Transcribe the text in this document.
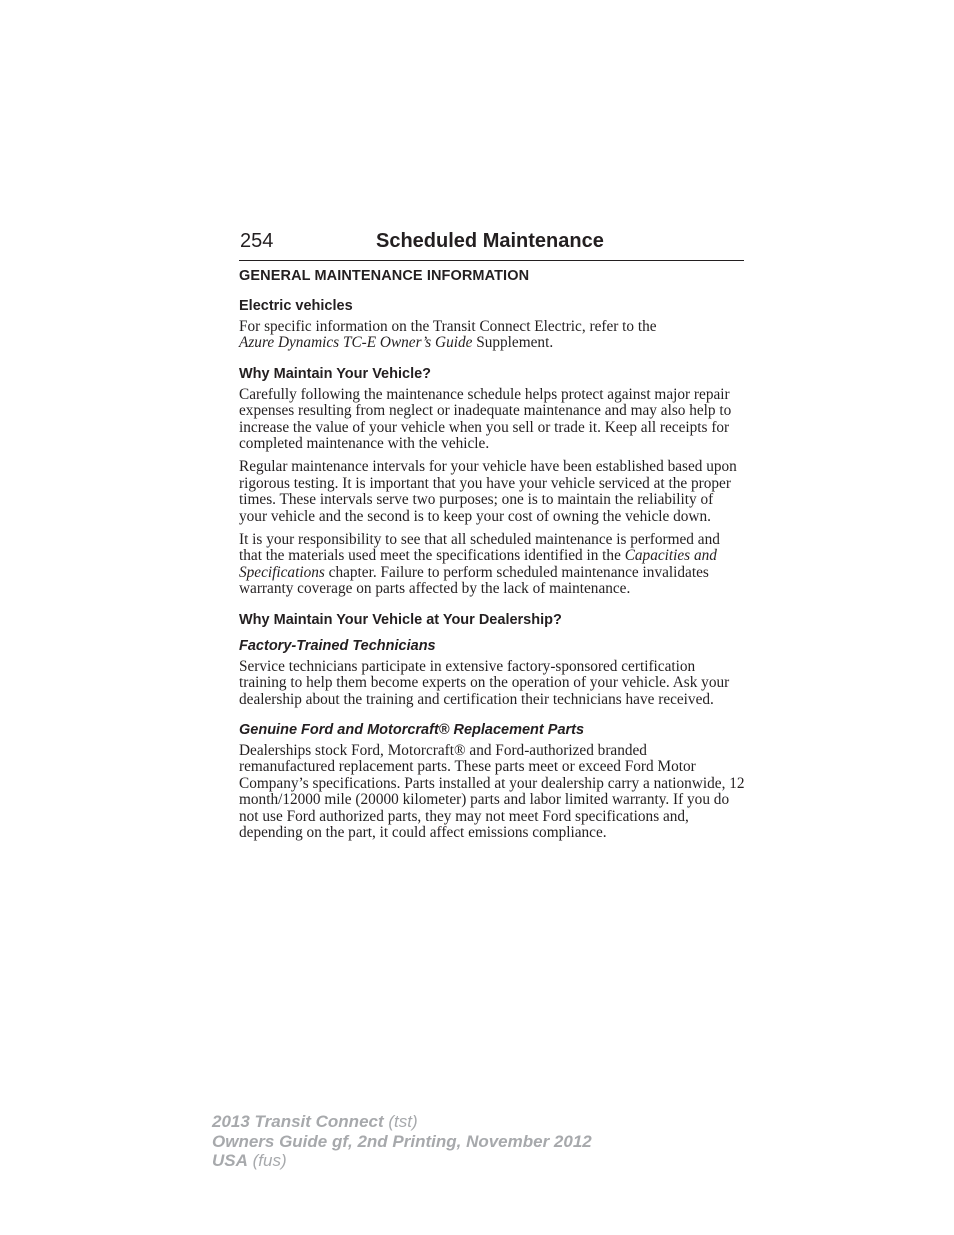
254	Scheduled Maintenance
GENERAL MAINTENANCE INFORMATION
Electric vehicles

For specific information on the Transit Connect Electric, refer to the
Azure Dynamics TC-E Owner’s Guide Supplement.

Why Maintain Your Vehicle?

Carefully following the maintenance schedule helps protect against major repair expenses resulting from neglect or inadequate maintenance and may also help to increase the value of your vehicle when you sell or trade it. Keep all receipts for completed maintenance with the vehicle.

Regular maintenance intervals for your vehicle have been established based upon rigorous testing. It is important that you have your vehicle serviced at the proper times. These intervals serve two purposes; one is to maintain the reliability of your vehicle and the second is to keep your cost of owning the vehicle down.

It is your responsibility to see that all scheduled maintenance is performed and that the materials used meet the specifications identified in the Capacities and Specifications chapter. Failure to perform scheduled maintenance invalidates warranty coverage on parts affected by the lack of maintenance.

Why Maintain Your Vehicle at Your Dealership?
Factory-Trained Technicians

Service technicians participate in extensive factory-sponsored certification training to help them become experts on the operation of your vehicle. Ask your dealership about the training and certification their technicians have received.

Genuine Ford and Motorcraft® Replacement Parts

Dealerships stock Ford, Motorcraft® and Ford-authorized branded remanufactured replacement parts. These parts meet or exceed Ford Motor Company’s specifications. Parts installed at your dealership carry a nationwide, 12 month/12000 mile (20000 kilometer) parts and labor limited warranty. If you do not use Ford authorized parts, they may not meet Ford specifications and, depending on the part, it could affect emissions compliance.

2013 Transit Connect (tst)
Owners Guide gf, 2nd Printing, November 2012
USA (fus)
